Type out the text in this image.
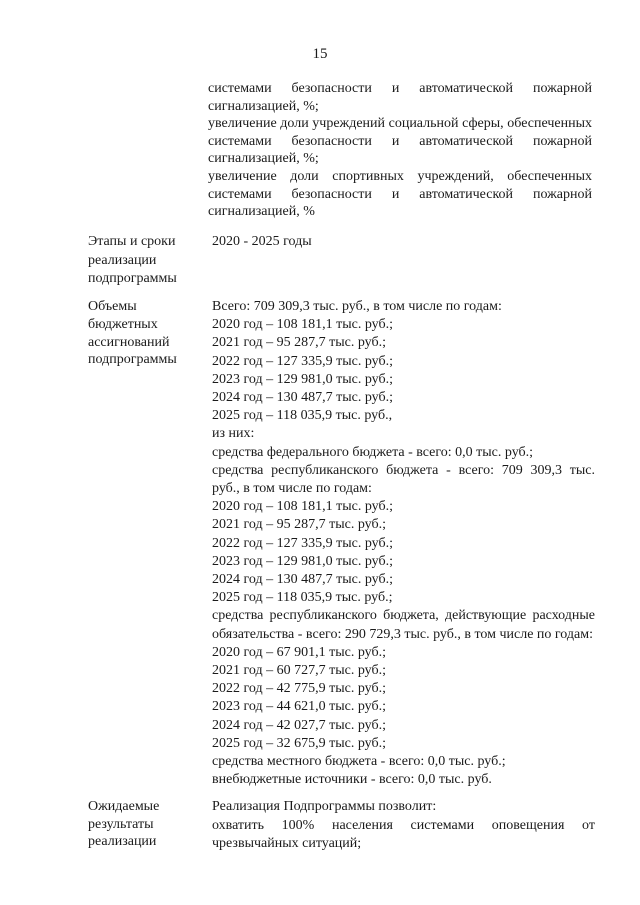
15

системами безопасности и автоматической пожарной сигнализацией, %;

увеличение доли учреждений социальной сферы, обеспеченных системами безопасности и автоматической пожарной сигнализацией, %;

увеличение доли спортивных учреждений, обеспеченных системами безопасности и автоматической пожарной сигнализацией, %

Этапы и сроки реализации подпрограммы
2020 - 2025 годы
Объемы бюджетных ассигнований подпрограммы

Всего: 709 309,3 тыс. руб., в том числе по годам:

2020 год – 108 181,1 тыс. руб.;

2021 год – 95 287,7 тыс. руб.;

2022 год – 127 335,9 тыс. руб.;

2023 год – 129 981,0 тыс. руб.;

2024 год – 130 487,7 тыс. руб.;

2025 год – 118 035,9 тыс. руб.,

из них:

средства федерального бюджета - всего: 0,0 тыс. руб.;

средства республиканского бюджета - всего: 709 309,3 тыс. руб., в том числе по годам:

2020 год – 108 181,1 тыс. руб.;

2021 год – 95 287,7 тыс. руб.;

2022 год – 127 335,9 тыс. руб.;

2023 год – 129 981,0 тыс. руб.;

2024 год – 130 487,7 тыс. руб.;

2025 год – 118 035,9 тыс. руб.;

средства республиканского бюджета, действующие расходные обязательства - всего: 290 729,3 тыс. руб., в том числе по годам:

2020 год – 67 901,1 тыс. руб.;

2021 год – 60 727,7 тыс. руб.;

2022 год – 42 775,9 тыс. руб.;

2023 год – 44 621,0 тыс. руб.;

2024 год – 42 027,7 тыс. руб.;

2025 год – 32 675,9 тыс. руб.;

средства местного бюджета - всего: 0,0 тыс. руб.;

внебюджетные источники - всего: 0,0 тыс. руб.

Ожидаемые результаты реализации

Реализация Подпрограммы позволит:

охватить 100% населения системами оповещения от чрезвычайных ситуаций;
